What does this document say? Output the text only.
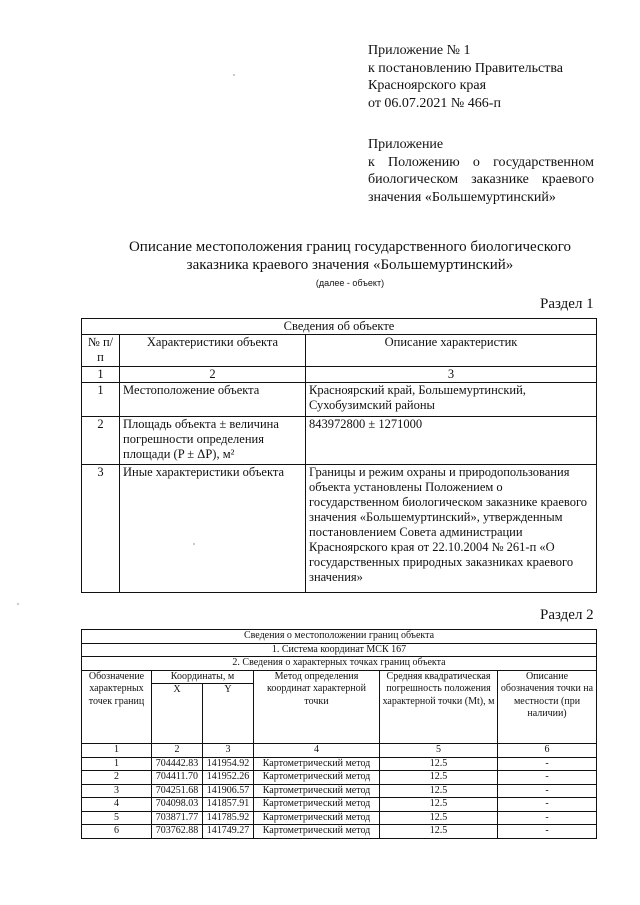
Приложение № 1
к постановлению Правительства
Красноярского края
от 06.07.2021 № 466-п
Приложение
к Положению о государственном
биологическом заказнике краевого
значения «Большемуртинский»
Описание местоположения границ государственного биологического
заказника краевого значения «Большемуртинский»
(далее - объект)
Раздел 1
Сведения об объекте		
№ п/п	Характеристики объекта	Описание характеристик
1	2	3
1	Местоположение объекта	Красноярский край, Большемуртинский, Сухобузимский районы
2	Площадь объекта ± величина погрешности определения площади (P ± ΔP), м²	843972800 ± 1271000
3	Иные характеристики объекта	Границы и режим охраны и природопользования объекта установлены Положением о государственном биологическом заказнике краевого значения «Большемуртинский», утвержденным постановлением Совета администрации Красноярского края от 22.10.2004 № 261-п «О государственных природных заказниках краевого значения»
Раздел 2
Сведения о местоположении границ объекта					
1. Система координат МСК 167					
2. Сведения о характерных точках границ объекта					
Обозначение характерных точек границ	Координаты, м		Метод определения координат характерной точки	Средняя квадратическая погрешность положения характерной точки (Mt), м	Описание обозначения точки на местности (при наличии)
	X	Y			
1	2	3	4	5	6
1	704442.83	141954.92	Картометрический метод	12.5	-
2	704411.70	141952.26	Картометрический метод	12.5	-
3	704251.68	141906.57	Картометрический метод	12.5	-
4	704098.03	141857.91	Картометрический метод	12.5	-
5	703871.77	141785.92	Картометрический метод	12.5	-
6	703762.88	141749.27	Картометрический метод	12.5	-
